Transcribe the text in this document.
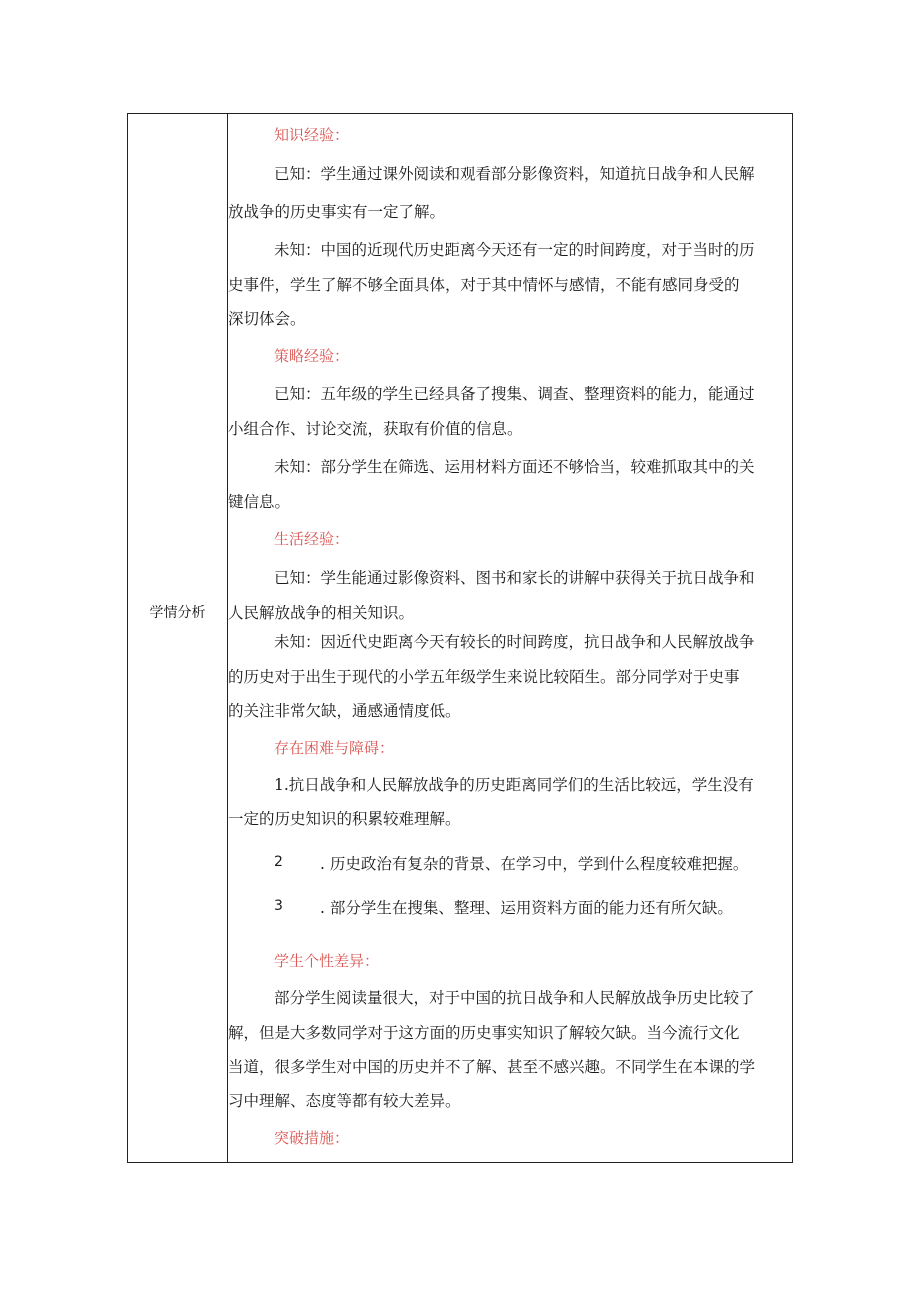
学情分析
知识经验：
已知：学生通过课外阅读和观看部分影像资料，知道抗日战争和人民解
放战争的历史事实有一定了解。
未知：中国的近现代历史距离今天还有一定的时间跨度，对于当时的历
史事件，学生了解不够全面具体，对于其中情怀与感情，不能有感同身受的
深切体会。
策略经验：
已知：五年级的学生已经具备了搜集、调查、整理资料的能力，能通过
小组合作、讨论交流，获取有价值的信息。
未知：部分学生在筛选、运用材料方面还不够恰当，较难抓取其中的关
键信息。
生活经验：
已知：学生能通过影像资料、图书和家长的讲解中获得关于抗日战争和
人民解放战争的相关知识。
未知：因近代史距离今天有较长的时间跨度，抗日战争和人民解放战争
的历史对于出生于现代的小学五年级学生来说比较陌生。部分同学对于史事
的关注非常欠缺，通感通情度低。
存在困难与障碍：
1.抗日战争和人民解放战争的历史距离同学们的生活比较远，学生没有
一定的历史知识的积累较难理解。
2 . 历史政治有复杂的背景、在学习中，学到什么程度较难把握。
3 . 部分学生在搜集、整理、运用资料方面的能力还有所欠缺。
学生个性差异：
部分学生阅读量很大，对于中国的抗日战争和人民解放战争历史比较了
解，但是大多数同学对于这方面的历史事实知识了解较欠缺。当今流行文化
当道，很多学生对中国的历史并不了解、甚至不感兴趣。不同学生在本课的学
习中理解、态度等都有较大差异。
突破措施：
